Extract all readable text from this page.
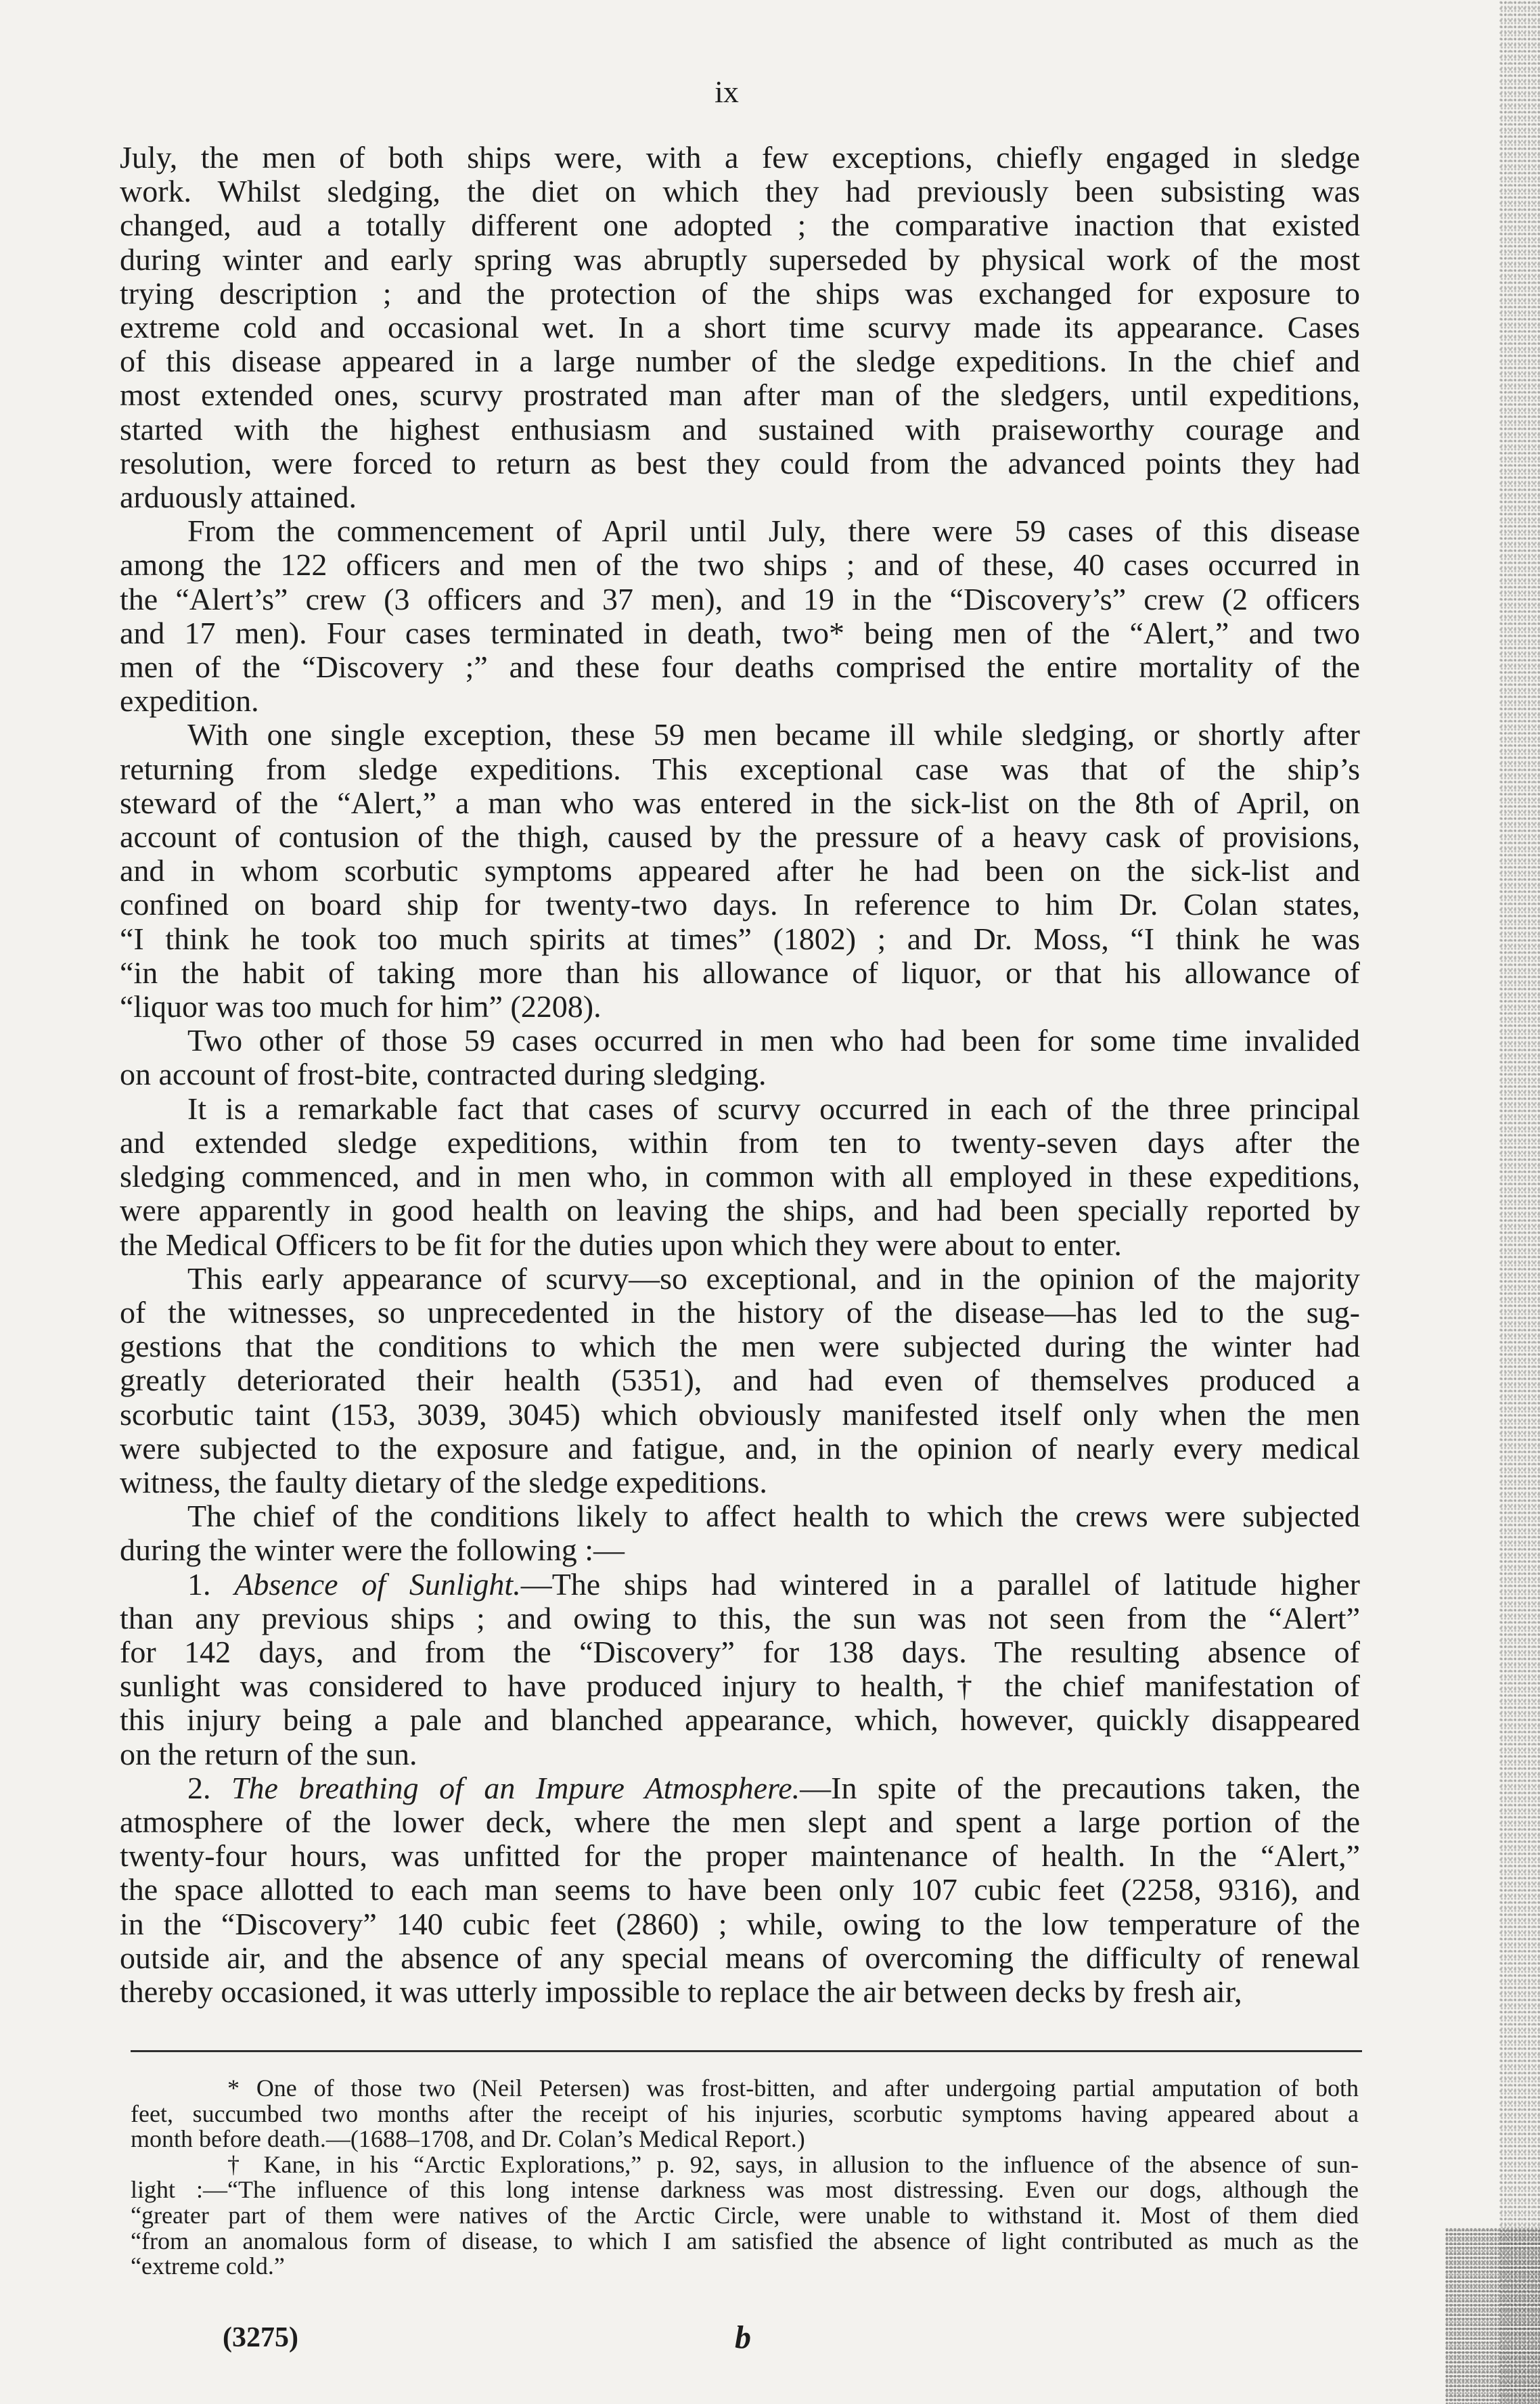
ix
July, the men of both ships were, with a few exceptions, chiefly engaged in sledge
work. Whilst sledging, the diet on which they had previously been subsisting was
changed, aud a totally different one adopted ; the comparative inaction that existed
during winter and early spring was abruptly superseded by physical work of the most
trying description ; and the protection of the ships was exchanged for exposure to
extreme cold and occasional wet. In a short time scurvy made its appearance. Cases
of this disease appeared in a large number of the sledge expeditions. In the chief and
most extended ones, scurvy prostrated man after man of the sledgers, until expeditions,
started with the highest enthusiasm and sustained with praiseworthy courage and
resolution, were forced to return as best they could from the advanced points they had
arduously attained.
From the commencement of April until July, there were 59 cases of this disease
among the 122 officers and men of the two ships ; and of these, 40 cases occurred in
the “Alert’s” crew (3 officers and 37 men), and 19 in the “Discovery’s” crew (2 officers
and 17 men). Four cases terminated in death, two* being men of the “Alert,” and two
men of the “Discovery ;” and these four deaths comprised the entire mortality of the
expedition.
With one single exception, these 59 men became ill while sledging, or shortly after
returning from sledge expeditions. This exceptional case was that of the ship’s
steward of the “Alert,” a man who was entered in the sick-list on the 8th of April, on
account of contusion of the thigh, caused by the pressure of a heavy cask of provisions,
and in whom scorbutic symptoms appeared after he had been on the sick-list and
confined on board ship for twenty-two days. In reference to him Dr. Colan states,
“I think he took too much spirits at times” (1802) ; and Dr. Moss, “I think he was
“in the habit of taking more than his allowance of liquor, or that his allowance of
“liquor was too much for him” (2208).
Two other of those 59 cases occurred in men who had been for some time invalided
on account of frost-bite, contracted during sledging.
It is a remarkable fact that cases of scurvy occurred in each of the three principal
and extended sledge expeditions, within from ten to twenty-seven days after the
sledging commenced, and in men who, in common with all employed in these expeditions,
were apparently in good health on leaving the ships, and had been specially reported by
the Medical Officers to be fit for the duties upon which they were about to enter.
This early appearance of scurvy—so exceptional, and in the opinion of the majority
of the witnesses, so unprecedented in the history of the disease—has led to the sug-
gestions that the conditions to which the men were subjected during the winter had
greatly deteriorated their health (5351), and had even of themselves produced a
scorbutic taint (153, 3039, 3045) which obviously manifested itself only when the men
were subjected to the exposure and fatigue, and, in the opinion of nearly every medical
witness, the faulty dietary of the sledge expeditions.
The chief of the conditions likely to affect health to which the crews were subjected
during the winter were the following :—
1. Absence of Sunlight.—The ships had wintered in a parallel of latitude higher
than any previous ships ; and owing to this, the sun was not seen from the “Alert”
for 142 days, and from the “Discovery” for 138 days. The resulting absence of
sunlight was considered to have produced injury to health,† the chief manifestation of
this injury being a pale and blanched appearance, which, however, quickly disappeared
on the return of the sun.
2. The breathing of an Impure Atmosphere.—In spite of the precautions taken, the
atmosphere of the lower deck, where the men slept and spent a large portion of the
twenty-four hours, was unfitted for the proper maintenance of health. In the “Alert,”
the space allotted to each man seems to have been only 107 cubic feet (2258, 9316), and
in the “Discovery” 140 cubic feet (2860) ; while, owing to the low temperature of the
outside air, and the absence of any special means of overcoming the difficulty of renewal
thereby occasioned, it was utterly impossible to replace the air between decks by fresh air,
* One of those two (Neil Petersen) was frost-bitten, and after undergoing partial amputation of both
feet, succumbed two months after the receipt of his injuries, scorbutic symptoms having appeared about a
month before death.—(1688–1708, and Dr. Colan’s Medical Report.)
† Kane, in his “Arctic Explorations,” p. 92, says, in allusion to the influence of the absence of sun-
light :—“The influence of this long intense darkness was most distressing. Even our dogs, although the
“greater part of them were natives of the Arctic Circle, were unable to withstand it. Most of them died
“from an anomalous form of disease, to which I am satisfied the absence of light contributed as much as the
“extreme cold.”
(3275)	b
